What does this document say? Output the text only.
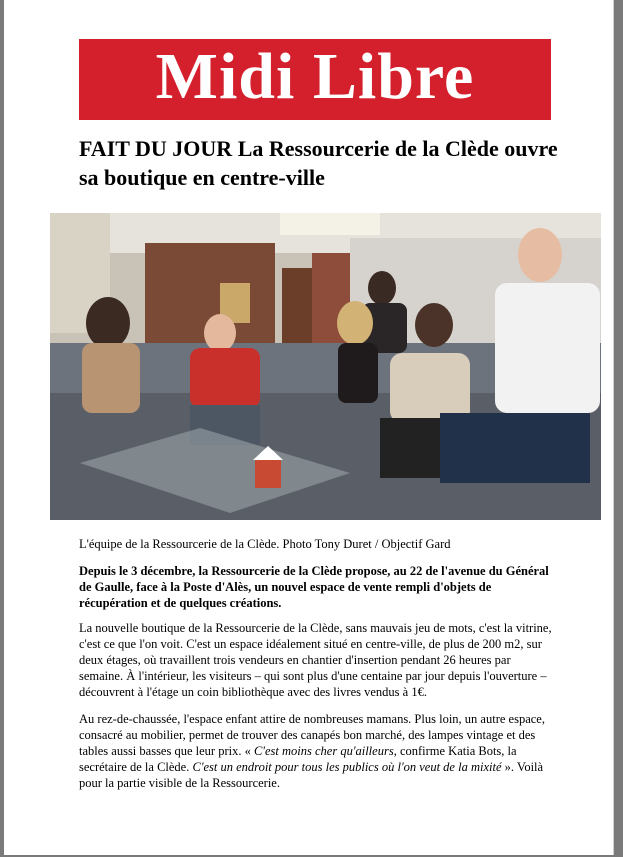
Midi Libre
FAIT DU JOUR La Ressourcerie de la Clède ouvre sa boutique en centre-ville

L'équipe de la Ressourcerie de la Clède. Photo Tony Duret / Objectif Gard

Depuis le 3 décembre, la Ressourcerie de la Clède propose, au 22 de l'avenue du Général de Gaulle, face à la Poste d'Alès, un nouvel espace de vente rempli d'objets de récupération et de quelques créations.

La nouvelle boutique de la Ressourcerie de la Clède, sans mauvais jeu de mots, c'est la vitrine, c'est ce que l'on voit. C'est un espace idéalement situé en centre-ville, de plus de 200 m2, sur deux étages, où travaillent trois vendeurs en chantier d'insertion pendant 26 heures par semaine. À l'intérieur, les visiteurs – qui sont plus d'une centaine par jour depuis l'ouverture – découvrent à l'étage un coin bibliothèque avec des livres vendus à 1€.

Au rez-de-chaussée, l'espace enfant attire de nombreuses mamans. Plus loin, un autre espace, consacré au mobilier, permet de trouver des canapés bon marché, des lampes vintage et des tables aussi basses que leur prix. « C'est moins cher qu'ailleurs, confirme Katia Bots, la secrétaire de la Clède. C'est un endroit pour tous les publics où l'on veut de la mixité ». Voilà pour la partie visible de la Ressourcerie.
